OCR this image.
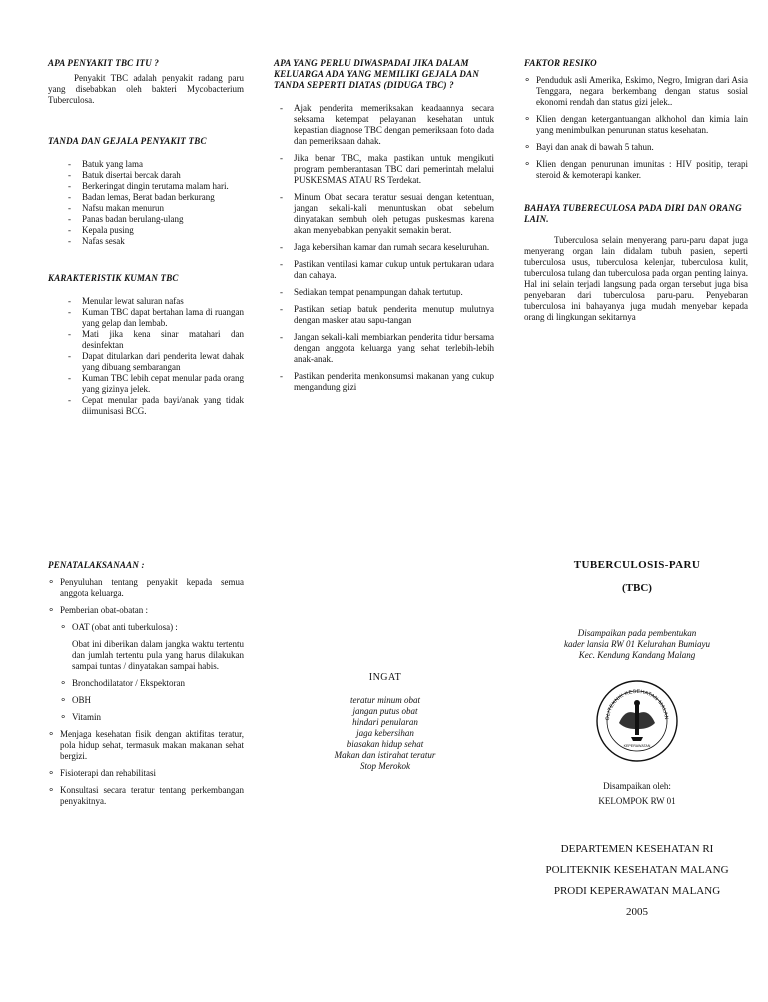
APA PENYAKIT TBC ITU ?

Penyakit TBC adalah penyakit radang paru yang disebabkan oleh bakteri Mycobacterium Tuberculosa.

TANDA DAN GEJALA PENYAKIT TBC
- Batuk yang lama
- Batuk disertai bercak darah
- Berkeringat dingin terutama malam hari.
- Badan lemas, Berat badan berkurang
- Nafsu makan menurun
- Panas badan berulang-ulang
- Kepala pusing
- Nafas sesak
KARAKTERISTIK KUMAN TBC
- Menular lewat saluran nafas
- Kuman TBC dapat bertahan lama di ruangan yang gelap dan lembab.
- Mati jika kena sinar matahari dan desinfektan
- Dapat ditularkan dari penderita lewat dahak yang dibuang sembarangan
- Kuman TBC lebih cepat menular pada orang yang gizinya jelek.
- Cepat menular pada bayi/anak yang tidak diimunisasi BCG.
APA YANG PERLU DIWASPADAI JIKA DALAM KELUARGA ADA YANG MEMILIKI GEJALA DAN TANDA SEPERTI DIATAS (DIDUGA TBC) ?
- Ajak penderita memeriksakan keadaannya secara seksama ketempat pelayanan kesehatan untuk kepastian diagnose TBC dengan pemeriksaan foto dada dan pemeriksaan dahak.
- Jika benar TBC, maka pastikan untuk mengikuti program pemberantasan TBC dari pemerintah melalui PUSKESMAS ATAU RS Terdekat.
- Minum Obat secara teratur sesuai dengan ketentuan, jangan sekali-kali menuntuskan obat sebelum dinyatakan sembuh oleh petugas puskesmas karena akan menyebabkan penyakit semakin berat.
- Jaga kebersihan kamar dan rumah secara keseluruhan.
- Pastikan ventilasi kamar cukup untuk pertukaran udara dan cahaya.
- Sediakan tempat penampungan dahak tertutup.
- Pastikan setiap batuk penderita menutup mulutnya dengan masker atau sapu-tangan
- Jangan sekali-kali membiarkan penderita tidur bersama dengan anggota keluarga yang sehat terlebih-lebih anak-anak.
- Pastikan penderita menkonsumsi makanan yang cukup mengandung gizi
FAKTOR RESIKO
∘ Penduduk asli Amerika, Eskimo, Negro, Imigran dari Asia Tenggara, negara berkembang dengan status sosial ekonomi rendah dan status gizi jelek..
∘ Klien dengan ketergantuangan alkhohol dan kimia lain yang menimbulkan penurunan status kesehatan.
∘ Bayi dan anak di bawah 5 tahun.
∘ Klien dengan penurunan imunitas : HIV positip, terapi steroid & kemoterapi kanker.
BAHAYA TUBERECULOSA PADA DIRI DAN ORANG LAIN.

Tuberculosa selain menyerang paru-paru dapat juga menyerang organ lain didalam tubuh pasien, seperti tuberculosa usus, tuberculosa kelenjar, tuberculosa kulit, tuberculosa tulang dan tuberculosa pada organ penting lainya. Hal ini selain terjadi langsung pada organ tersebut juga bisa penyebaran dari tuberculosa paru-paru. Penyebaran tuberculosa ini bahayanya juga mudah menyebar kepada orang di lingkungan sekitarnya

PENATALAKSANAAN :
∘ Penyuluhan tentang penyakit kepada semua anggota keluarga.
∘ Pemberian obat-obatan :
∘ OAT (obat anti tuberkulosa) :

Obat ini diberikan dalam jangka waktu tertentu dan jumlah tertentu pula yang harus dilakukan sampai tuntas / dinyatakan sampai habis.

∘ Bronchodilatator / Ekspektoran
∘ OBH
∘ Vitamin
∘ Menjaga kesehatan fisik dengan aktifitas teratur, pola hidup sehat, termasuk makan makanan sehat bergizi.
∘ Fisioterapi dan rehabilitasi
∘ Konsultasi secara teratur tentang perkembangan penyakitnya.
INGAT
teratur minum obat
jangan putus obat
hindari penularan
jaga kebersihan
biasakan hidup sehat
Makan dan istirahat teratur
Stop Merokok
TUBERCULOSIS-PARU
(TBC)
Disampaikan pada pembentukan
kader lansia RW 01 Kelurahan Bumiayu
Kec. Kendung Kandang Malang
OLITEKNIK KESEHATAN MALAN
KEPERAWATAN
Disampaikan oleh:
KELOMPOK RW 01
DEPARTEMEN KESEHATAN RI
POLITEKNIK KESEHATAN MALANG
PRODI KEPERAWATAN MALANG
2005
